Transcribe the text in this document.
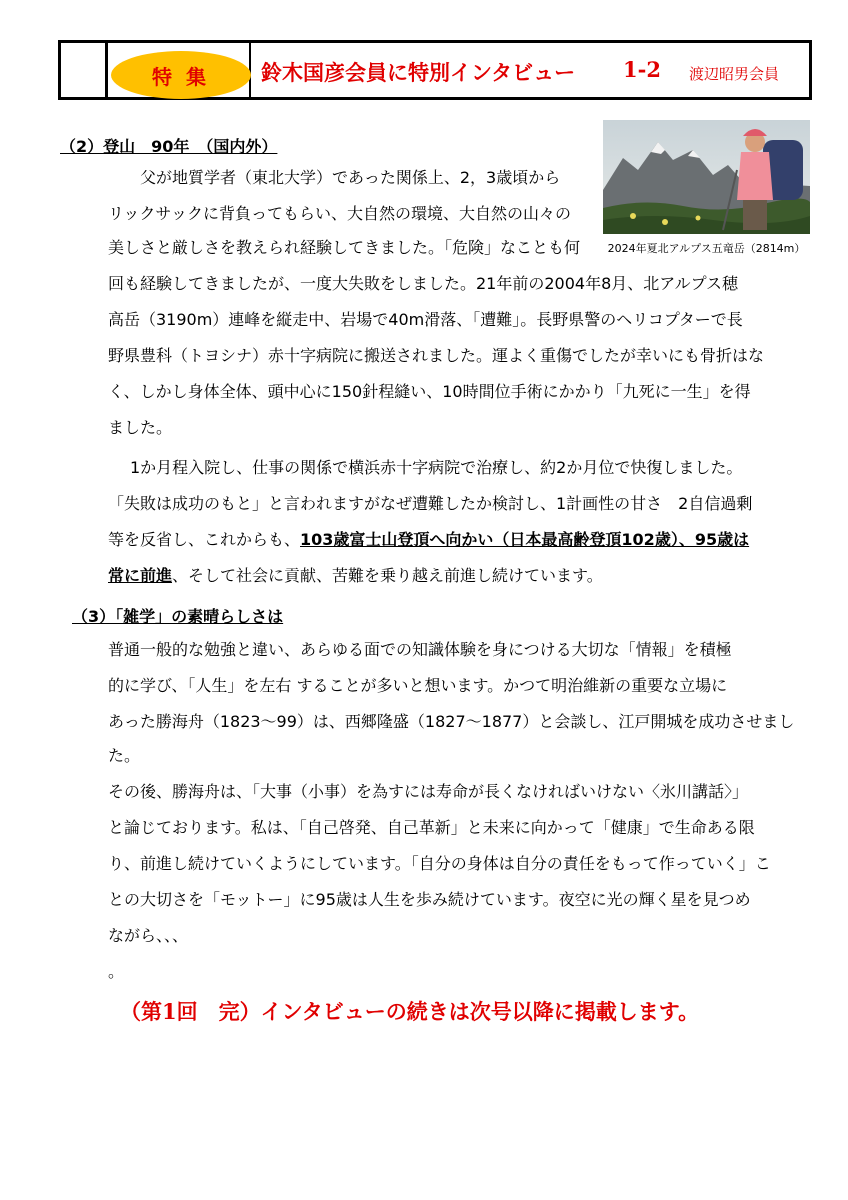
特集 鈴木国彦会員に特別インタビュー 1-2 渡辺昭男会員
（2）登山　90年　（国内外）
2024年夏北アルプス五竜岳（2814m）
父が地質学者（東北大学）であった関係上、2，3歳頃から
リックサックに背負ってもらい、大自然の環境、大自然の山々の
美しさと厳しさを教えられ経験してきました。「危険」なことも何
回も経験してきましたが、一度大失敗をしました。21年前の2004年8月、北アルプス穂
高岳（3190m）連峰を縦走中、岩場で40m滑落、「遭難」。長野県警のヘリコプターで長
野県豊科（トヨシナ）赤十字病院に搬送されました。運よく重傷でしたが幸いにも骨折はな
く、しかし身体全体、頭中心に150針程縫い、10時間位手術にかかり「九死に一生」を得
ました。
1か月程入院し、仕事の関係で横浜赤十字病院で治療し、約2か月位で快復しました。
「失敗は成功のもと」と言われますがなぜ遭難したか検討し、1計画性の甘さ　2自信過剰
等を反省し、これからも、103歳富士山登頂へ向かい（日本最高齢登頂102歳）、95歳は
常に前進、そして社会に貢献、苦難を乗り越え前進し続けています。
（3）「雑学」の素晴らしさは
普通一般的な勉強と違い、あらゆる面での知識体験を身につける大切な「情報」を積極
的に学び、「人生」を左右 することが多いと想います。かつて明治維新の重要な立場に
あった勝海舟（1823～99）は、西郷隆盛（1827～1877）と会談し、江戸開城を成功させまし
た。
その後、勝海舟は、「大事（小事）を為すには寿命が長くなければいけない〈氷川講話〉」
と論じております。私は、「自己啓発、自己革新」と未来に向かって「健康」で生命ある限
り、前進し続けていくようにしています。「自分の身体は自分の責任をもって作っていく」こ
との大切さを「モットー」に95歳は人生を歩み続けています。夜空に光の輝く星を見つめ
ながら、、、
。
（第1回　完）インタビューの続きは次号以降に掲載します。
